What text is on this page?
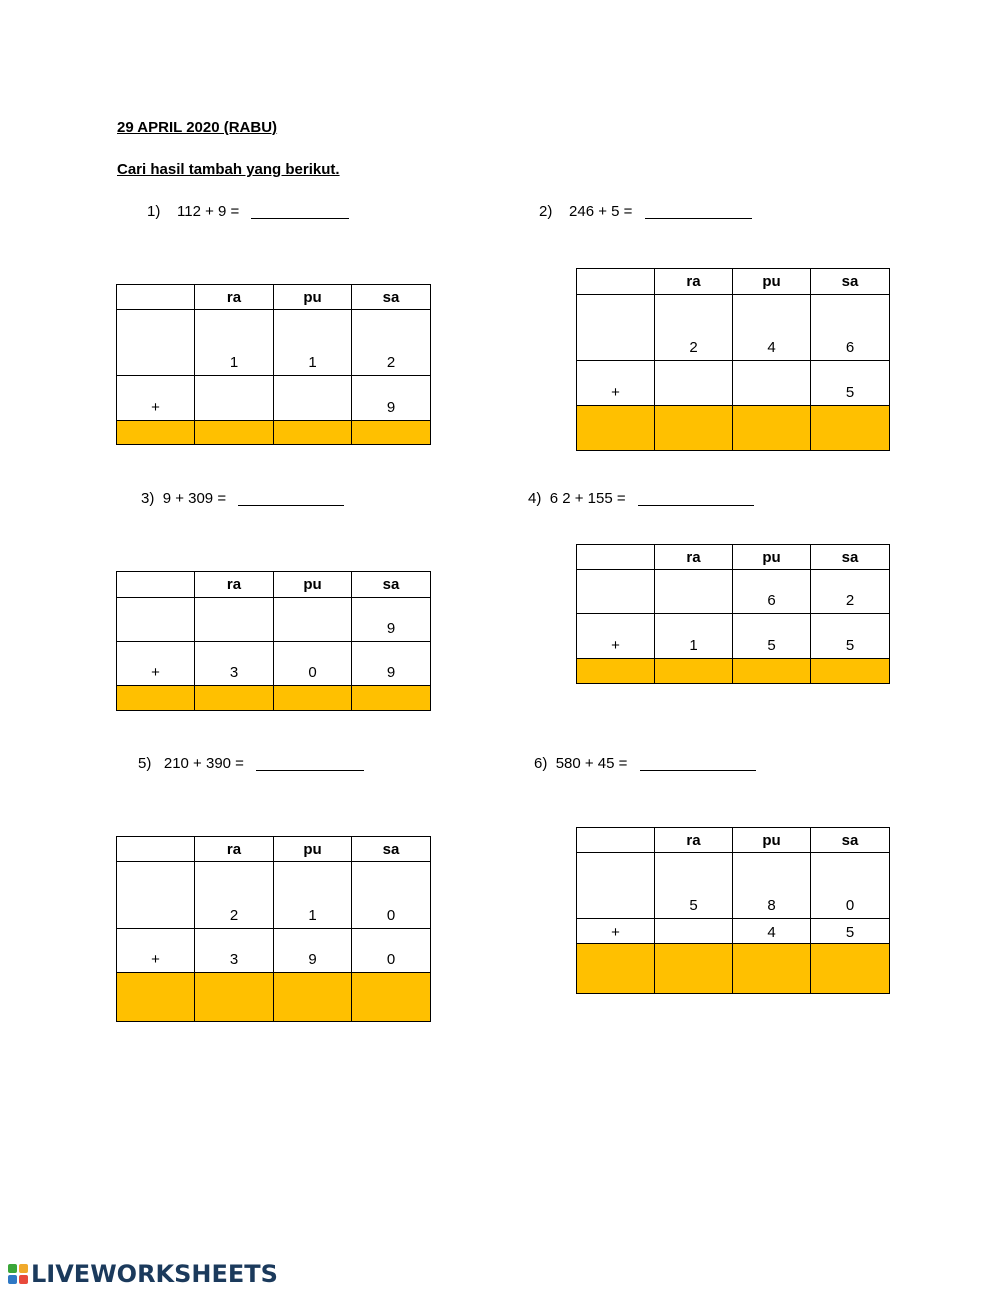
29 APRIL 2020 (RABU)
Cari hasil tambah yang berikut.
1) 112 + 9 =	2) 246 + 5 =
3) 9 + 309 =	4) 6 2 + 155 =
5) 210 + 390 =	6) 580 + 45 =
	ra	pu	sa
	1	1	2
+			9

	ra	pu	sa
	2	4	6
+			5

	ra	pu	sa
			9
+	3	0	9

	ra	pu	sa
		6	2
+	1	5	5

	ra	pu	sa
	2	1	0
+	3	9	0

	ra	pu	sa
	5	8	0
+		4	5

LIVEWORKSHEETS
